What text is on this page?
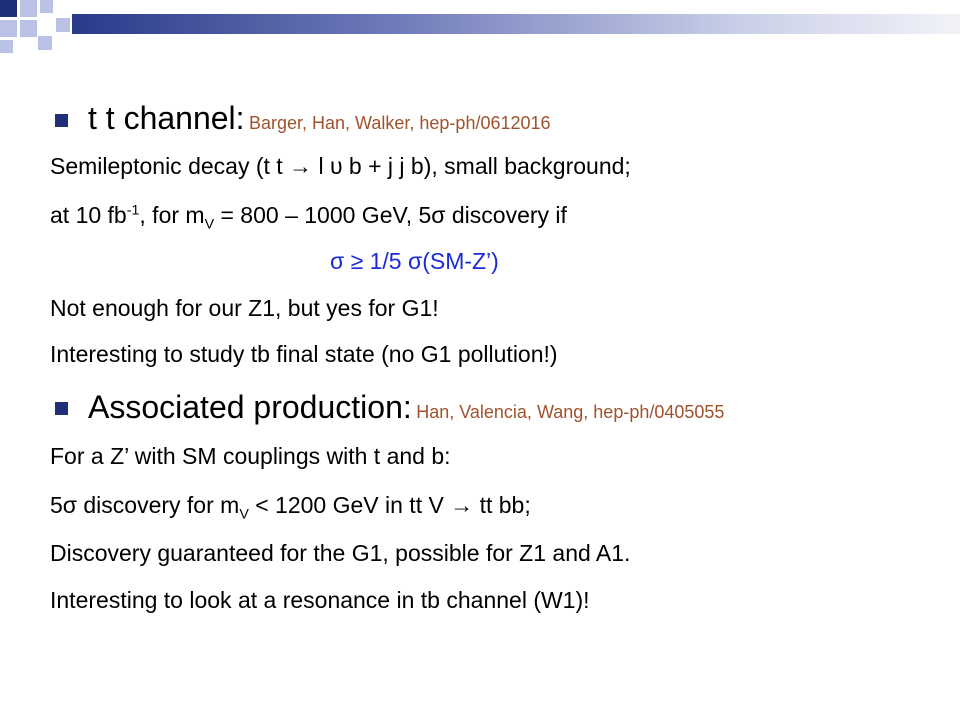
t t channel: Barger, Han, Walker, hep-ph/0612016
Semileptonic decay (t t → l υ b + j j b), small background;
at 10 $fb^{-1}$, for $m_V = 800 - 1000$ GeV, 5σ discovery if
σ ≥ 1/5 σ(SM-Z’)
Not enough for our Z1, but yes for G1!
Interesting to study tb final state (no G1 pollution!)
Associated production: Han, Valencia, Wang, hep-ph/0405055
For a Z’ with SM couplings with t and b:
5σ discovery for $m_V < 1200$ GeV in tt V → tt bb;
Discovery guaranteed for the G1, possible for Z1 and A1.
Interesting to look at a resonance in tb channel (W1)!
